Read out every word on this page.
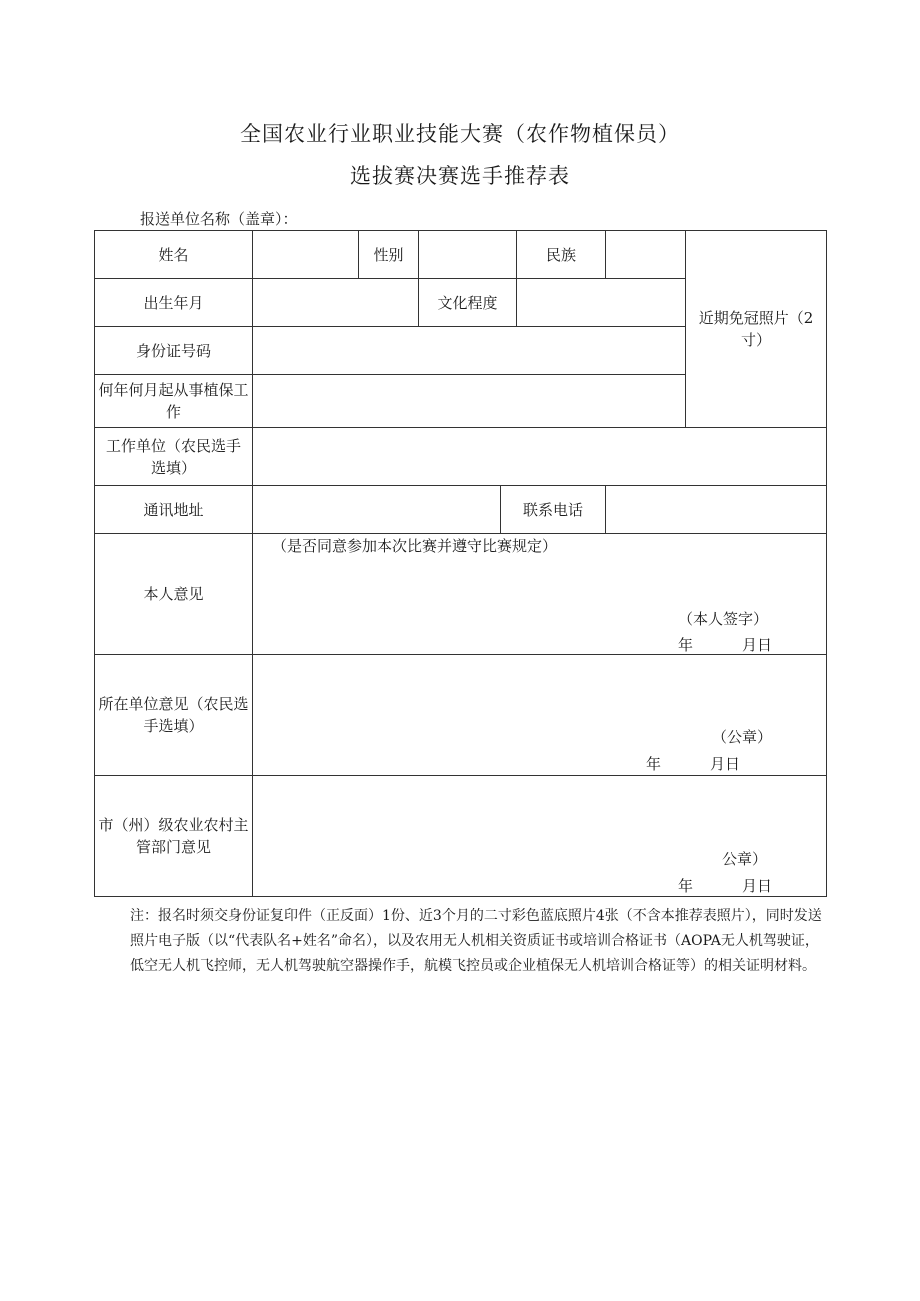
全国农业行业职业技能大赛（农作物植保员）
选拔赛决赛选手推荐表
报送单位名称（盖章）：
姓名	性别	民族
出生年月	文化程度
身份证号码
何年何月起从事植保工作
近期免冠照片（2寸）
工作单位（农民选手选填）
通讯地址	联系电话
本人意见
（是否同意参加本次比赛并遵守比赛规定）
（本人签字）
年	月日
所在单位意见（农民选手选填）
（公章）
年	月日
市（州）级农业农村主管部门意见
公章）
年	月日
注：报名时须交身份证复印件（正反面）1份、近3个月的二寸彩色蓝底照片4张（不含本推荐表照片），同时发送照片电子版（以“代表队名+姓名”命名），以及农用无人机相关资质证书或培训合格证书（AOPA无人机驾驶证，低空无人机飞控师，无人机驾驶航空器操作手，航模飞控员或企业植保无人机培训合格证等）的相关证明材料。
